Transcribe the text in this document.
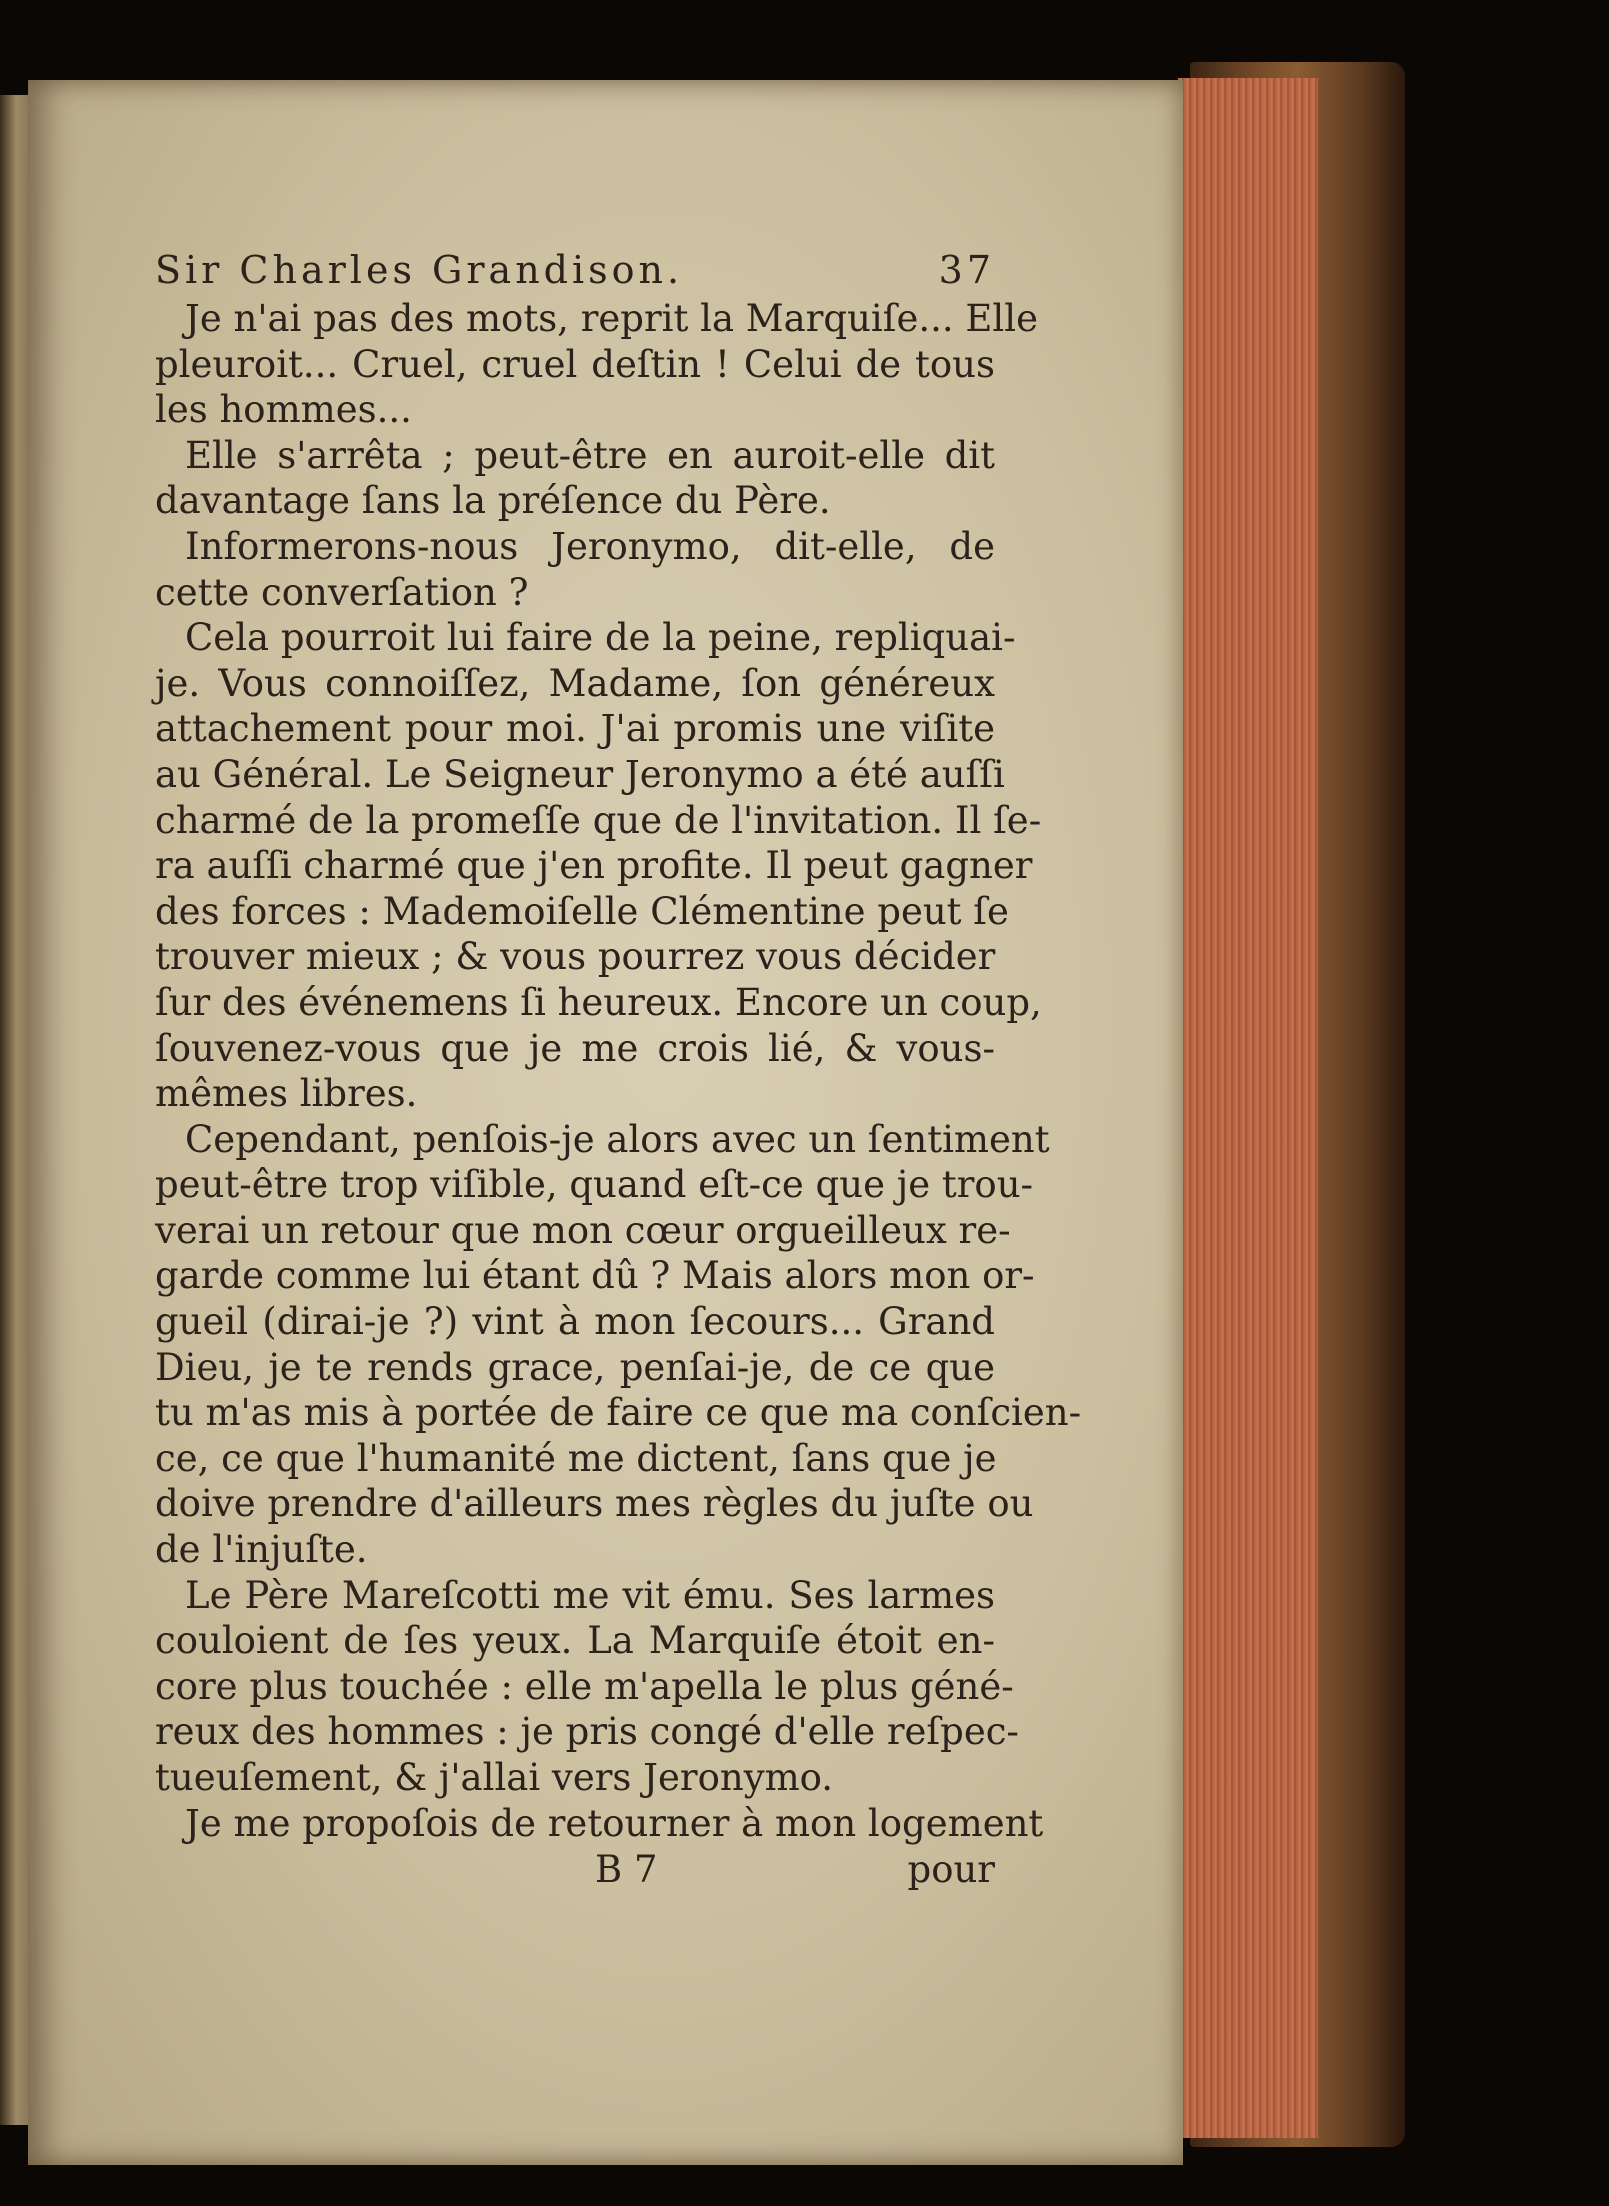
Sir Charles Grandison.	37
Je n'ai pas des mots, reprit la Marquiſe... Elle
pleuroit... Cruel, cruel deſtin ! Celui de tous
les hommes...
Elle s'arrêta ; peut-être en auroit-elle dit
davantage ſans la préſence du Père.
Informerons-nous Jeronymo, dit-elle, de
cette converſation ?
Cela pourroit lui faire de la peine, repliquai-
je. Vous connoiſſez, Madame, ſon généreux
attachement pour moi. J'ai promis une viſite
au Général. Le Seigneur Jeronymo a été auſſi
charmé de la promeſſe que de l'invitation. Il ſe-
ra auſſi charmé que j'en profite. Il peut gagner
des forces : Mademoiſelle Clémentine peut ſe
trouver mieux ; & vous pourrez vous décider
ſur des événemens ſi heureux. Encore un coup,
ſouvenez-vous que je me crois lié, & vous-
mêmes libres.
Cependant, penſois-je alors avec un ſentiment
peut-être trop viſible, quand eſt-ce que je trou-
verai un retour que mon cœur orgueilleux re-
garde comme lui étant dû ? Mais alors mon or-
gueil (dirai-je ?) vint à mon ſecours... Grand
Dieu, je te rends grace, penſai-je, de ce que
tu m'as mis à portée de faire ce que ma conſcien-
ce, ce que l'humanité me dictent, ſans que je
doive prendre d'ailleurs mes règles du juſte ou
de l'injuſte.
Le Père Mareſcotti me vit ému. Ses larmes
couloient de ſes yeux. La Marquiſe étoit en-
core plus touchée : elle m'apella le plus géné-
reux des hommes : je pris congé d'elle reſpec-
tueuſement, & j'allai vers Jeronymo.
Je me propoſois de retourner à mon logement
B 7	pour
